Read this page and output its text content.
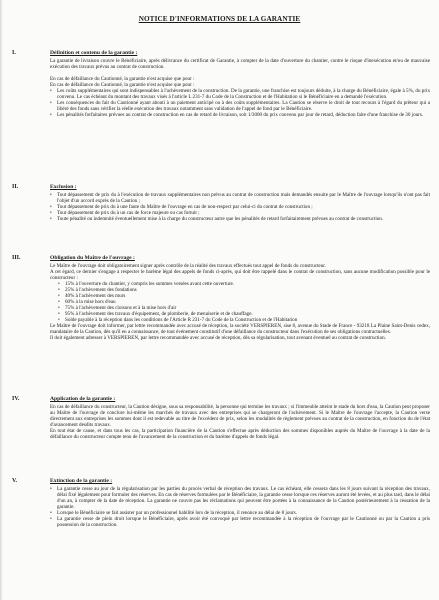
NOTICE D'INFORMATIONS DE LA GARANTIE
I.	Définition et contenu de la garantie :

La garantie de livraison couvre le Bénéficiaire, après délivrance du certificat de Garantie, à compter de la date d'ouverture du chantier, contre le risque d'inexécution et/ou de mauvaise exécution des travaux prévus au contrat de construction.

En cas de défaillance du Cautionné, la garantie n'est acquise que pour :

En cas de défaillance du Cautionné, la garantie n'est acquise que pour :

• Les coûts supplémentaires qui sont indispensables à l'achèvement de la construction. De la garantie, une franchise est toujours déduite, à la charge du Bénéficiaire, égale à 5%, du prix convenu. Le cas échéant du montant des travaux visés à l'article L 231-7 du Code de la Construction et de l'Habitation si le Bénéficiaire en a demandé l'exécution.
• Les conséquences du fait du Cautionné ayant abouti à un paiement anticipé ou à des coûts supplémentaires. La Caution se réserve le droit de tout recours à l'égard du prêteur qui a libéré des fonds sans vérifier la réelle exécution des travaux notamment sans validation de l'appel de fond par le Bénéficiaire.
• Les pénalités forfaitaires prévues au contrat de construction en cas de retard de livraison, soit 1/3000 du prix convenu par jour de retard, déduction faite d'une franchise de 30 jours.
II.	Exclusion :
• Tout dépassement de prix du à l'exécution de travaux supplémentaires non prévus au contrat de construction mais demandés ensuite par le Maître de l'ouvrage lorsqu'ils n'ont pas fait l'objet d'un accord exprès de la Caution ;
• Tout dépassement de prix du à une faute du Maître de l'ouvrage en cas de non-respect par celui-ci du contrat de construction ;
• Tout dépassement de prix du à un cas de force majeure ou cas fortuit ;
• Toute pénalité ou indemnité éventuellement mise à la charge du constructeur autre que les pénalités de retard forfaitairement prévues au contrat de construction.
III.	Obligation du Maître de l'ouvrage :

Le Maître de l'ouvrage doit obligatoirement signer après contrôle de la réalité des travaux effectués tout appel de fonds du constructeur.

A cet égard, ce dernier s'engage à respecter le barème légal des appels de fonds ci-après, qui doit être rappelé dans le contrat de construction, sans aucune modification possible pour le constructeur :

• 15% à l'ouverture du chantier, y compris les sommes versées avant cette ouverture.
• 25% à l'achèvement des fondations
• 40% à l'achèvement des murs
• 60% à la mise hors d'eau
• 75% à l'achèvement des cloisons et à la mise hors d'air
• 95% à l'achèvement des travaux d'équipement, de plomberie, de menuiserie et de chauffage.
• Solde payable à la réception dans les conditions de l'Article R 231-7 du Code de la Construction et de l'Habitation

Le Maître de l'ouvrage doit informer, par lettre recommandée avec accusé de réception, la société VERSPIEREN, sise 8, avenue du Stade de France - 93218 La Plaine Saint-Denis cedex, mandataire de la Caution, dès qu'il en a connaissance, de tout événement constitutif d'une défaillance du constructeur dans l'exécution de ses obligations contractuelles.

Il doit également adresser à VERSPIEREN, par lettre recommandée avec accusé de réception, dès sa régularisation, tout avenant éventuel au contrat de construction.

IV.	Application de la garantie :

En cas de défaillance du constructeur, la Caution désigne, sous sa responsabilité, la personne qui termine les travaux ; si l'immeuble atteint le stade du hors d'eau, la Caution peut proposer au Maître de l'ouvrage de conclure lui-même les marchés de travaux avec des entreprises qui se chargeront de l'achèvement. Si le Maître de l'ouvrage l'accepte, la Caution verse directement aux entreprises les sommes dont il est redevable au titre de l'excédent de prix, selon les modalités de règlement prévues au contrat de la construction, en fonction du de l'état d'avancement desdits travaux.

En tout état de cause, et dans tous les cas, la participation financière de la Caution s'effectue après déduction des sommes disponibles auprès du Maître de l'ouvrage à la date de la défaillance du constructeur compte tenu de l'avancement de la construction et du barème d'appels de fonds légal.

V.	Extinction de la garantie :
• La garantie cesse au jour de la régularisation par les parties du procès verbal de réception des travaux. Le cas échéant, elle cessera dans les 8 jours suivant la réception des travaux, délai fixé légalement pour formuler des réserves. En cas de réserves formulées par le Bénéficiaire, la garantie cesse lorsque ces réserves auront été levées, et au plus tard, dans le délai d'un an, à compter de la date de réception. La garantie ne couvre pas les réclamations qui peuvent être portées à la connaissance de la Caution postérieurement à la cessation de la garantie.
• Lorsque le Bénéficiaire se fait assister par un professionnel habilité lors de la réception, il renonce au délai de 8 jours.
• La garantie cesse de plein droit lorsque le Bénéficiaire, après avoir été convoqué par lettre recommandée à la réception de l'ouvrage par le Cautionné ou par la Caution a pris possession de la construction.
